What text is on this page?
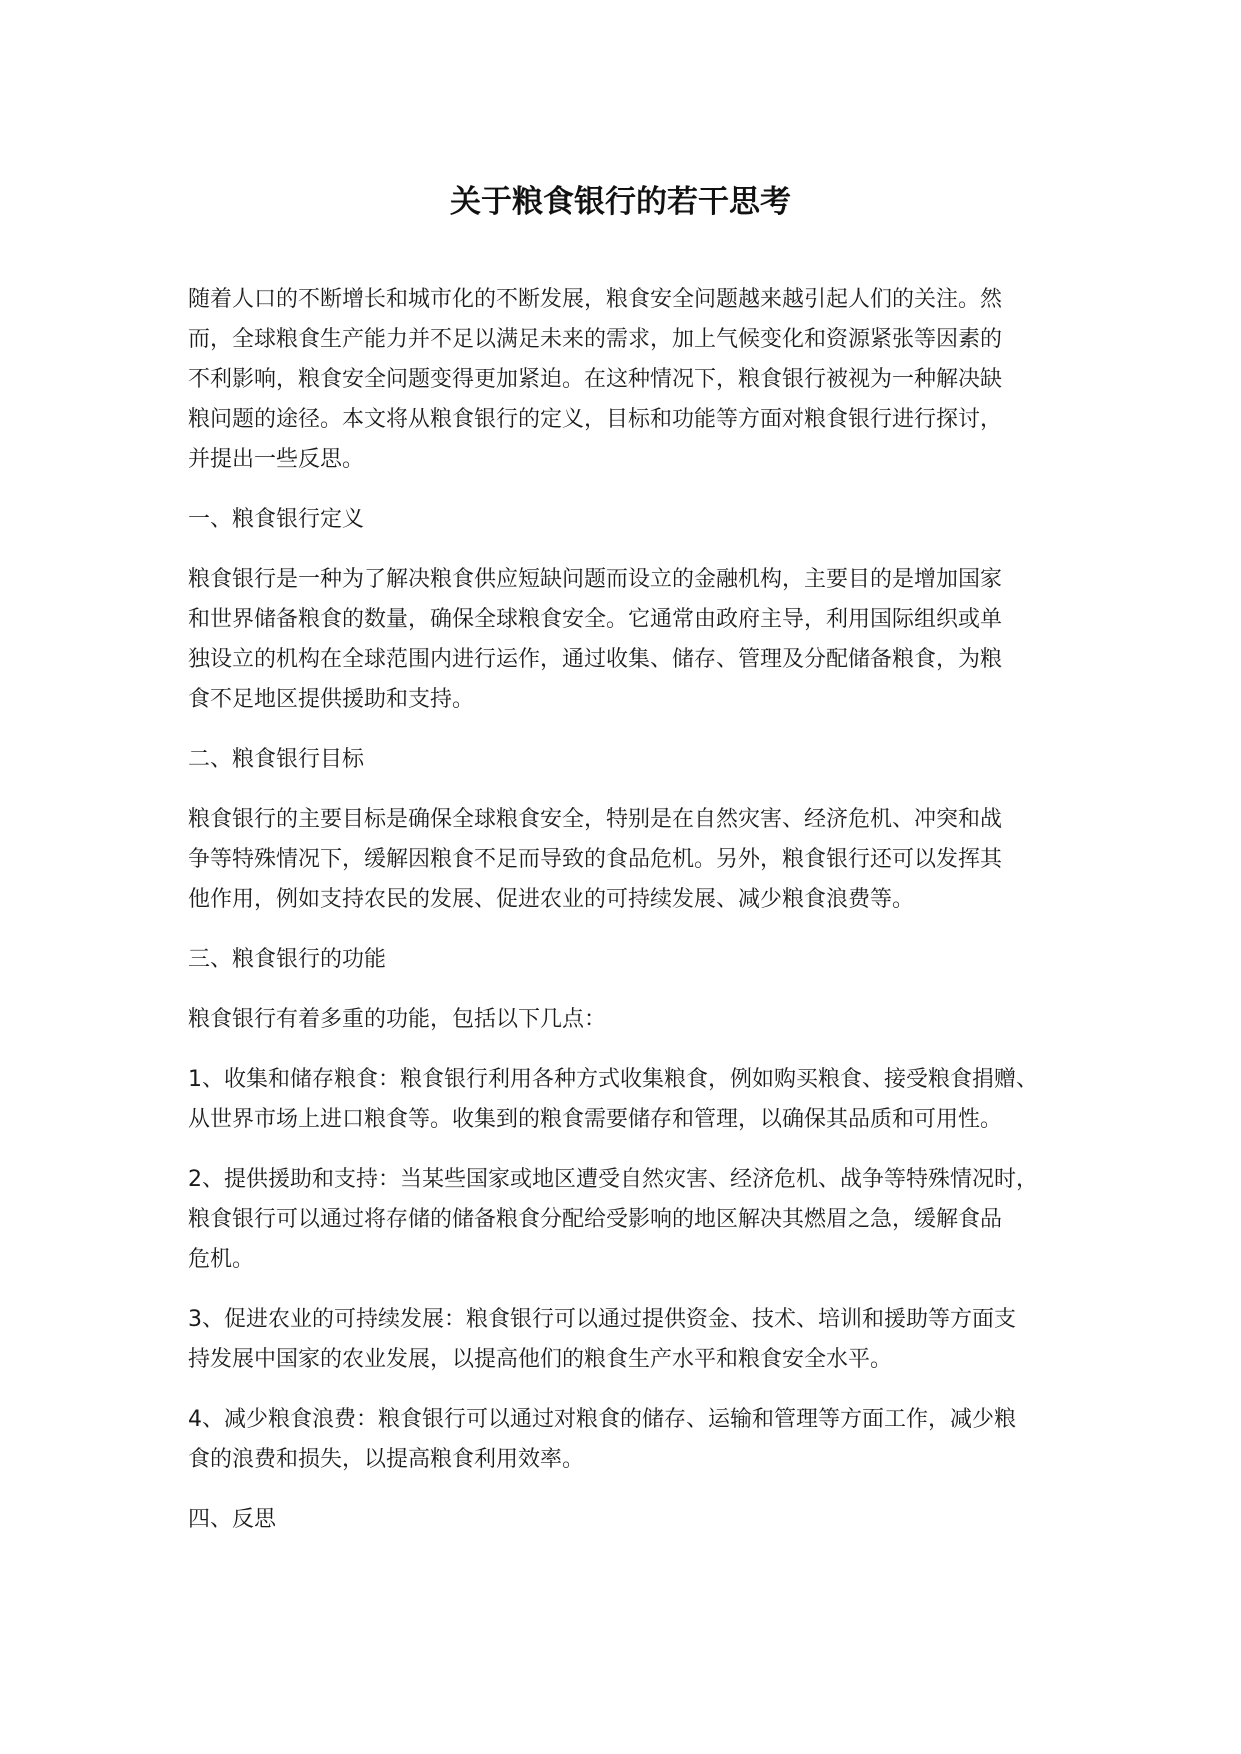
关于粮食银行的若干思考

随着人口的不断增长和城市化的不断发展，粮食安全问题越来越引起人们的关注。然
而，全球粮食生产能力并不足以满足未来的需求，加上气候变化和资源紧张等因素的
不利影响，粮食安全问题变得更加紧迫。在这种情况下，粮食银行被视为一种解决缺
粮问题的途径。本文将从粮食银行的定义，目标和功能等方面对粮食银行进行探讨，
并提出一些反思。

一、粮食银行定义

粮食银行是一种为了解决粮食供应短缺问题而设立的金融机构，主要目的是增加国家
和世界储备粮食的数量，确保全球粮食安全。它通常由政府主导，利用国际组织或单
独设立的机构在全球范围内进行运作，通过收集、储存、管理及分配储备粮食，为粮
食不足地区提供援助和支持。

二、粮食银行目标

粮食银行的主要目标是确保全球粮食安全，特别是在自然灾害、经济危机、冲突和战
争等特殊情况下，缓解因粮食不足而导致的食品危机。另外，粮食银行还可以发挥其
他作用，例如支持农民的发展、促进农业的可持续发展、减少粮食浪费等。

三、粮食银行的功能

粮食银行有着多重的功能，包括以下几点：

1、收集和储存粮食：粮食银行利用各种方式收集粮食，例如购买粮食、接受粮食捐赠、
从世界市场上进口粮食等。收集到的粮食需要储存和管理，以确保其品质和可用性。

2、提供援助和支持：当某些国家或地区遭受自然灾害、经济危机、战争等特殊情况时，
粮食银行可以通过将存储的储备粮食分配给受影响的地区解决其燃眉之急，缓解食品
危机。

3、促进农业的可持续发展：粮食银行可以通过提供资金、技术、培训和援助等方面支
持发展中国家的农业发展，以提高他们的粮食生产水平和粮食安全水平。

4、减少粮食浪费：粮食银行可以通过对粮食的储存、运输和管理等方面工作，减少粮
食的浪费和损失，以提高粮食利用效率。

四、反思
